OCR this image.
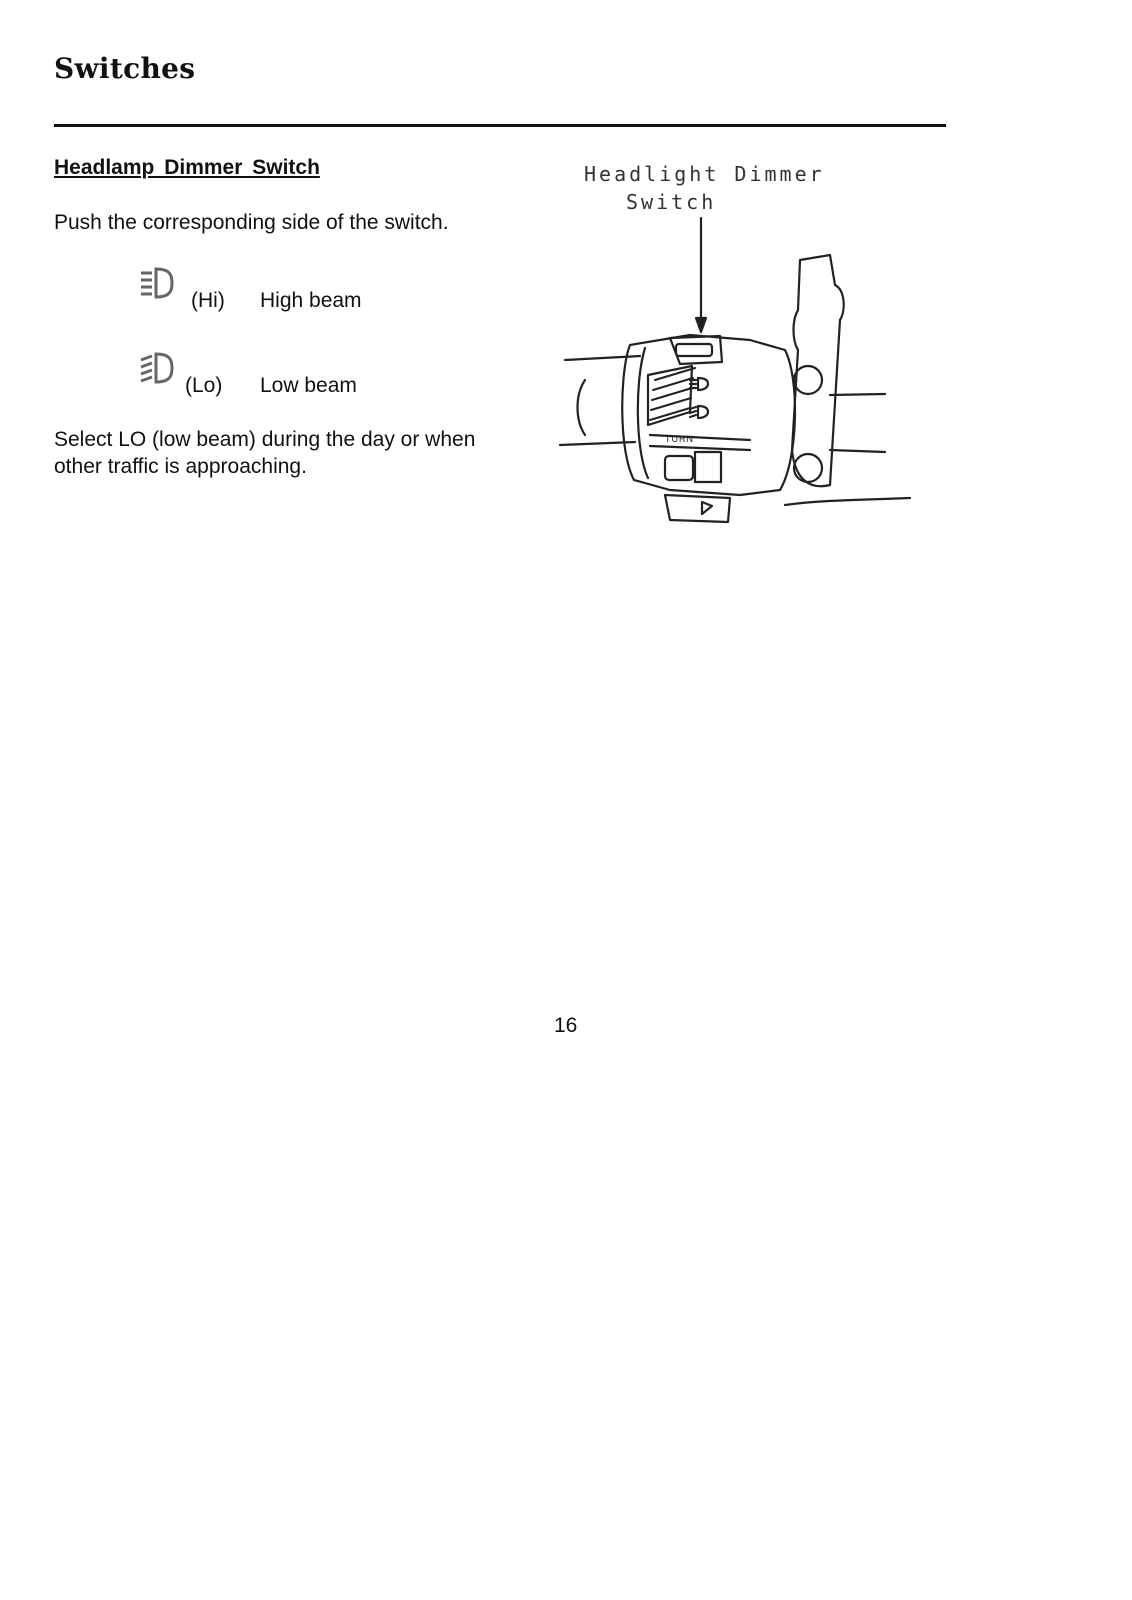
Switches
Headlamp Dimmer Switch
Push the corresponding side of the switch.
(Hi) High beam
(Lo) Low beam
Select LO (low beam) during the day or when other traffic is approaching.
Headlight Dimmer
Switch
TURN
16
